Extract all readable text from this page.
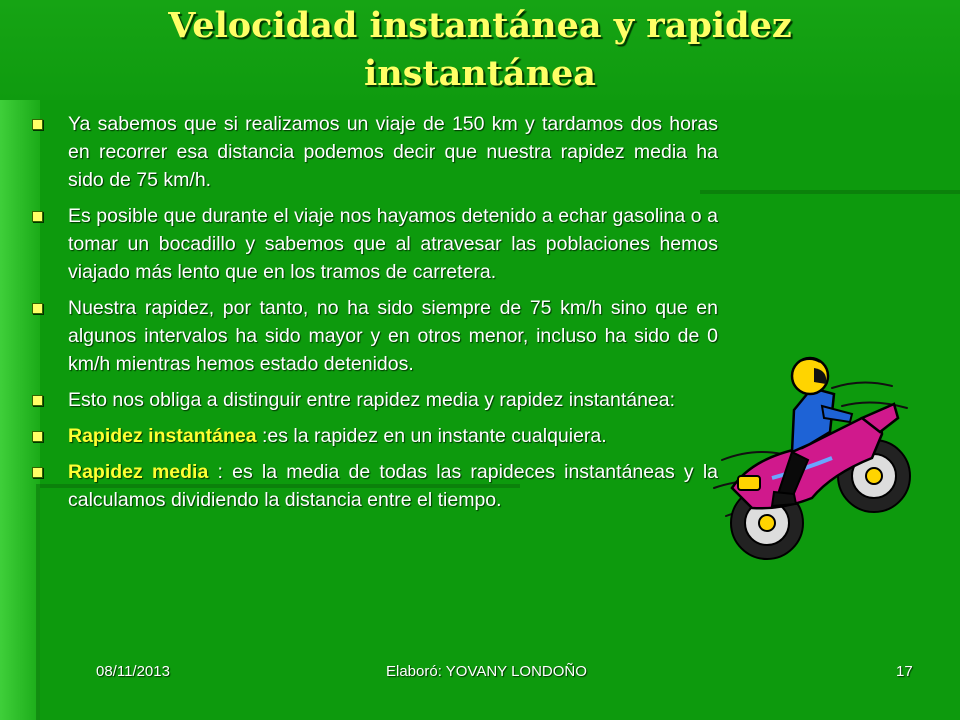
Velocidad instantánea y rapidez instantánea
Ya sabemos que si realizamos un viaje de 150 km y tardamos dos horas en recorrer esa distancia podemos decir que nuestra rapidez media ha sido de 75 km/h.
Es posible que durante el viaje nos hayamos detenido a echar gasolina o a tomar un bocadillo y sabemos que al atravesar las poblaciones hemos viajado más lento que en los tramos de carretera.
Nuestra rapidez, por tanto, no ha sido siempre de 75 km/h sino que en algunos intervalos ha sido mayor y en otros menor, incluso ha sido de 0 km/h mientras hemos estado detenidos.
Esto nos obliga a distinguir entre rapidez media y rapidez instantánea:
Rapidez instantánea :es la rapidez en un instante cualquiera.
Rapidez media : es la media de todas las rapideces instantáneas y la calculamos dividiendo la distancia entre el tiempo.
08/11/2013	Elaboró: YOVANY LONDOÑO	17
